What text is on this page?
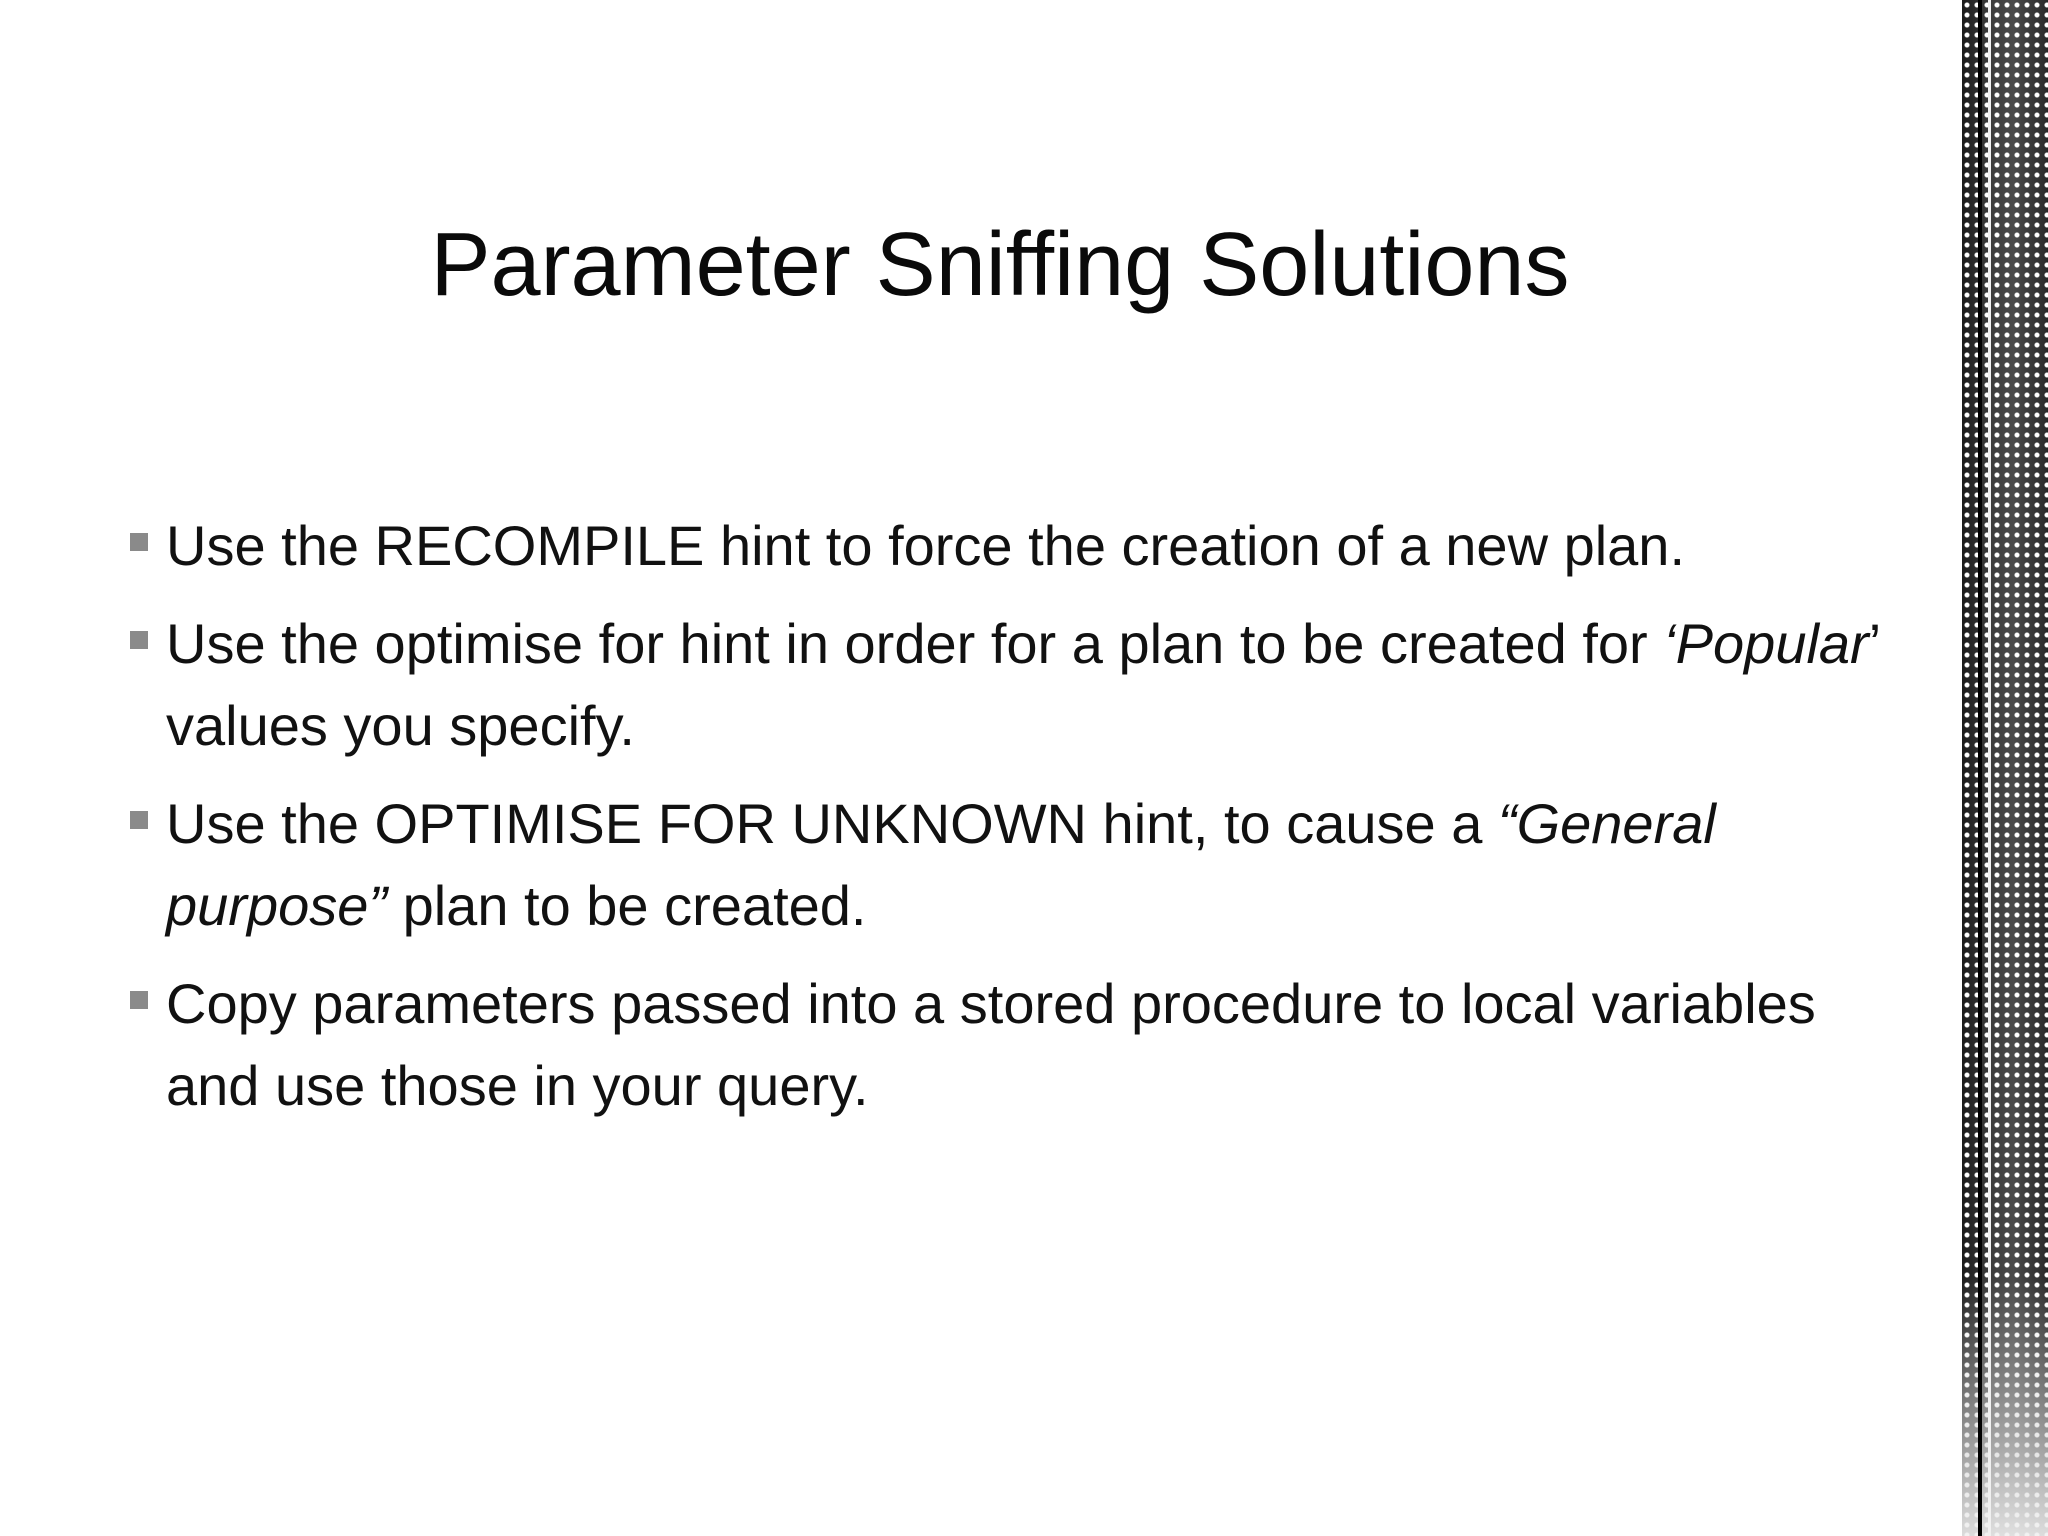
Parameter Sniffing Solutions
Use the RECOMPILE hint to force the creation of a new plan.
Use the optimise for hint in order for a plan to be created for ‘Popular’ values you specify.
Use the OPTIMISE FOR UNKNOWN hint, to cause a “General purpose” plan to be created.
Copy parameters passed into a stored procedure to local variables and use those in your query.
